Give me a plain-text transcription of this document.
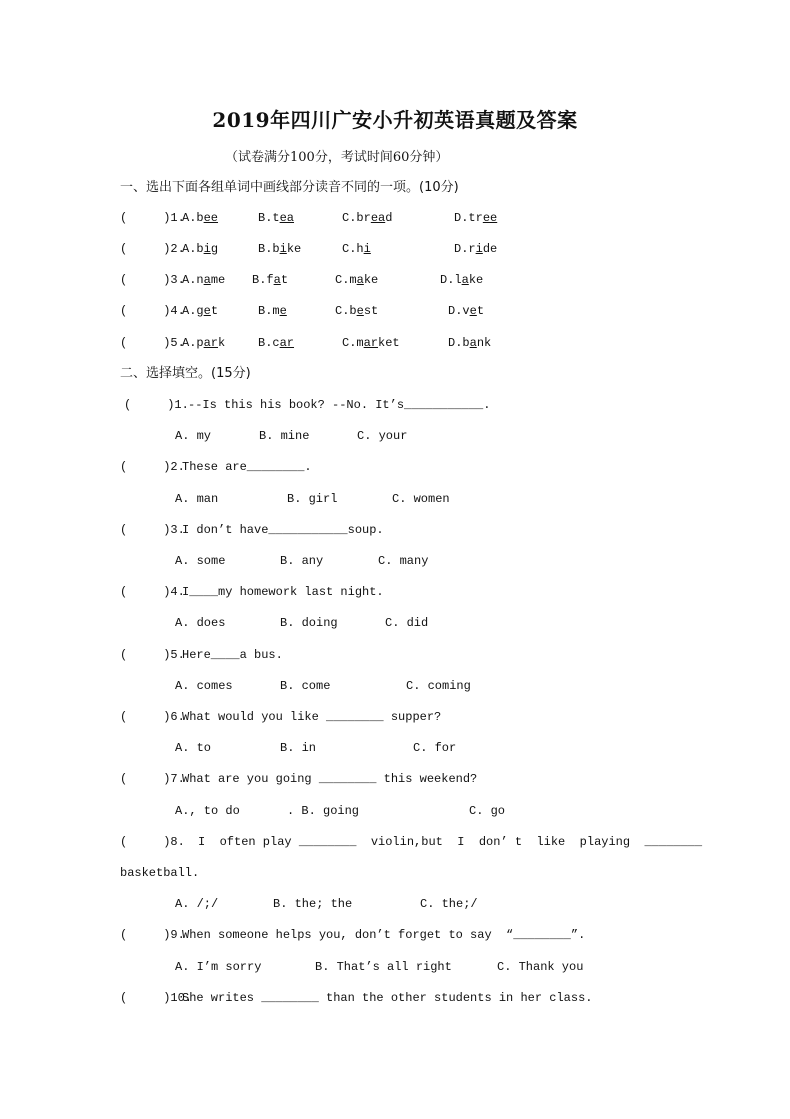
2019年四川广安小升初英语真题及答案
（试卷满分100分，考试时间60分钟）
一、选出下面各组单词中画线部分读音不同的一项。(10分)

(     )1.

A.bee

	B.tea

	C.bread

	D.tree

(     )2.

A.big

	B.bike

	C.hi

	D.ride

(     )3.

A.name

B.fat

	C.make

	D.lake

(     )4.

A.get

	B.me

	C.best

	D.vet

(     )5.

A.park

	B.car

	C.market

	D.bank

二、选择填空。(15分)

(     )1.

--Is this his book? --No. It’s___________.

A. my

	B. mine

	C. your

(     )2.

These are________.

A. man

	B. girl

	C. women

(     )3.

I don’t have___________soup.

A. some

	B. any

	C. many

(     )4.

I____my homework last night.

A. does

	B. doing

	C. did

(     )5.

Here____a bus.

A. comes

	B. come

	C. coming

(     )6.

What would you like ________ supper?

A. to

	B. in

	C. for

(     )7.

What are you going ________ this weekend?

A., to do

	. B. going

	C. go

(     )8.

I  often play ________  violin,but  I  don’ t  like  playing  ________

basketball.

A. /;/

	B. the; the

	C. the;/

(     )9.

When someone helps you, don’t forget to say  “________”.

A. I’m sorry

	B. That’s all right

	C. Thank you

(     )10.

She writes ________ than the other students in her class.
